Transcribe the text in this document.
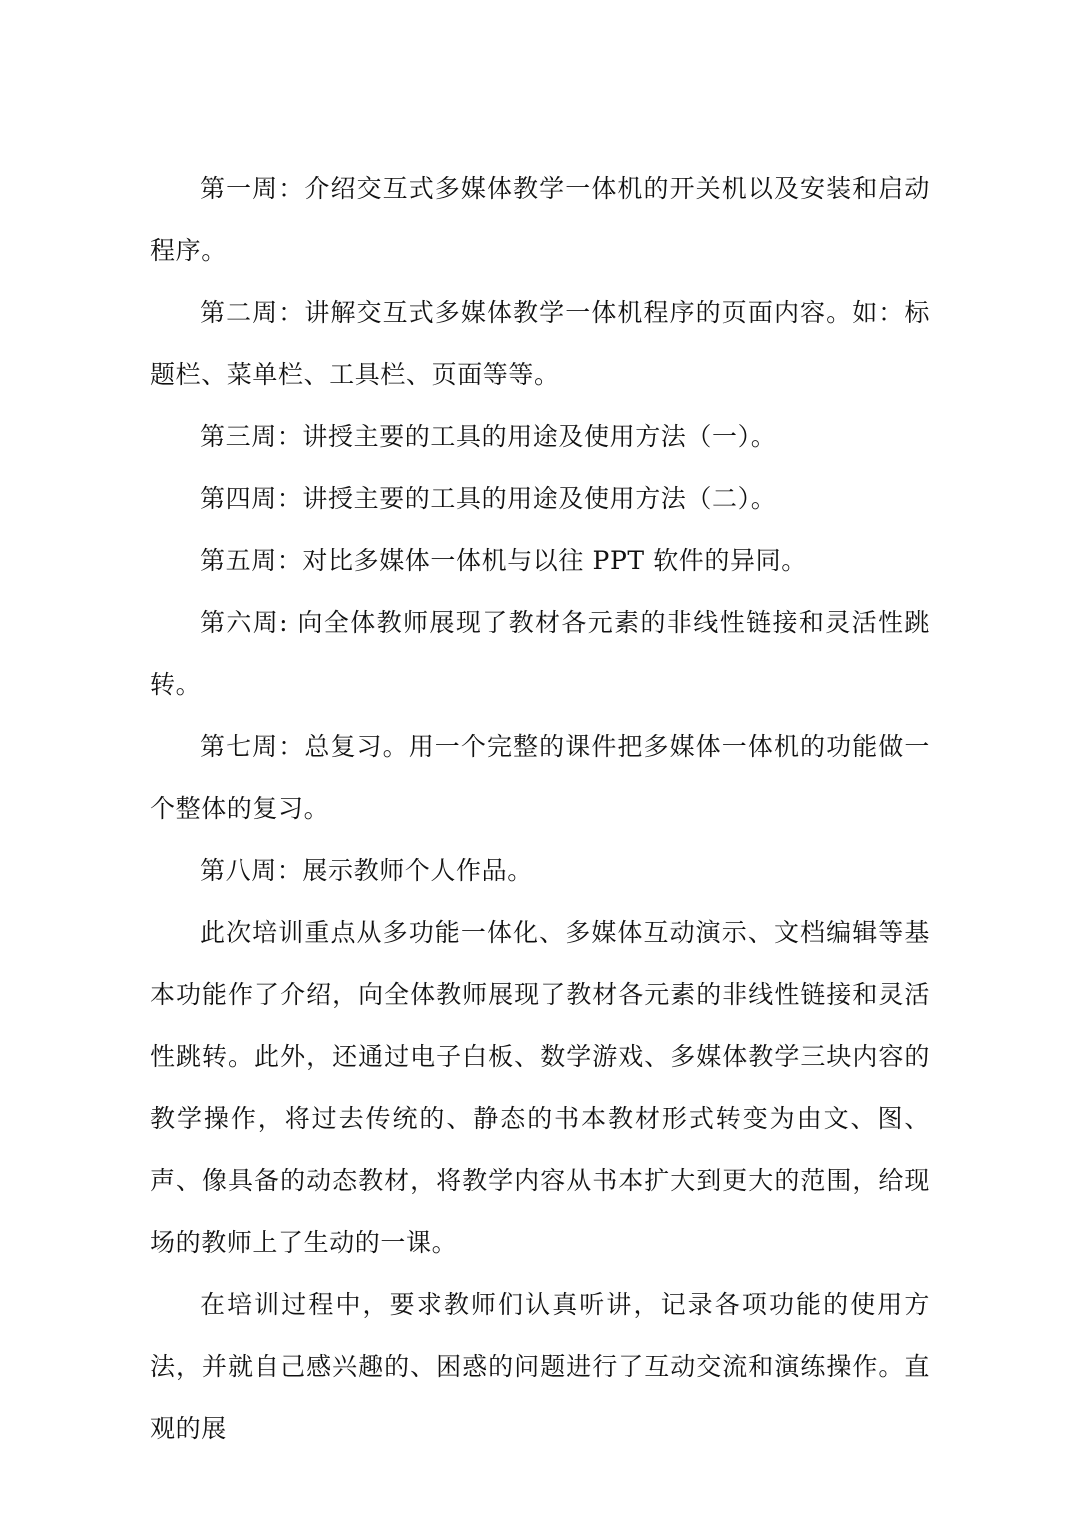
第一周：介绍交互式多媒体教学一体机的开关机以及安装和启动程序。

第二周：讲解交互式多媒体教学一体机程序的页面内容。如：标题栏、菜单栏、工具栏、页面等等。

第三周：讲授主要的工具的用途及使用方法（一）。

第四周：讲授主要的工具的用途及使用方法（二）。

第五周：对比多媒体一体机与以往 PPT 软件的异同。

第六周: 向全体教师展现了教材各元素的非线性链接和灵活性跳转。

第七周：总复习。用一个完整的课件把多媒体一体机的功能做一个整体的复习。

第八周：展示教师个人作品。

此次培训重点从多功能一体化、多媒体互动演示、文档编辑等基本功能作了介绍，向全体教师展现了教材各元素的非线性链接和灵活性跳转。此外，还通过电子白板、数学游戏、多媒体教学三块内容的教学操作，将过去传统的、静态的书本教材形式转变为由文、图、声、像具备的动态教材，将教学内容从书本扩大到更大的范围，给现场的教师上了生动的一课。

在培训过程中，要求教师们认真听讲，记录各项功能的使用方法，并就自己感兴趣的、困惑的问题进行了互动交流和演练操作。直观的展
